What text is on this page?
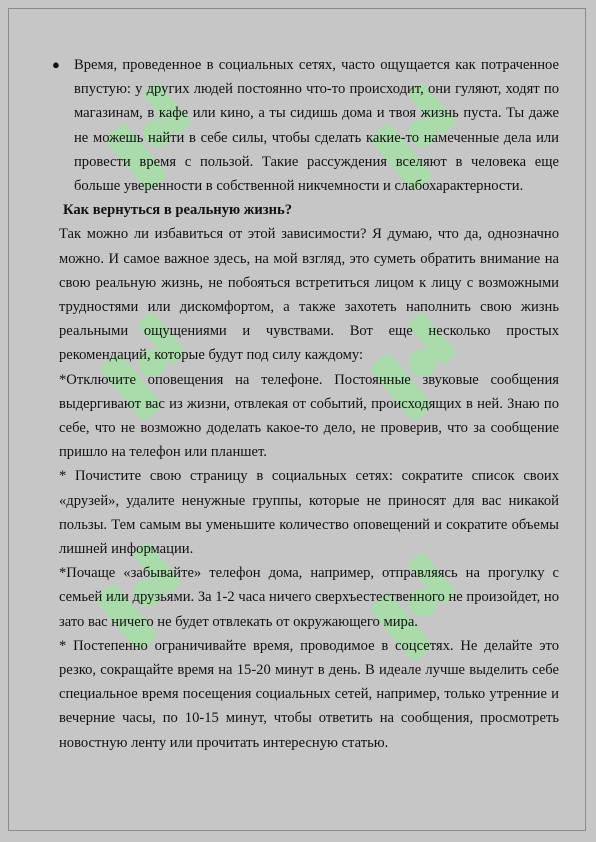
● Время, проведенное в социальных сетях, часто ощущается как потраченное впустую: у других людей постоянно что-то происходит, они гуляют, ходят по магазинам, в кафе или кино, а ты сидишь дома и твоя жизнь пуста. Ты даже не можешь найти в себе силы, чтобы сделать какие-то намеченные дела или провести время с пользой. Такие рассуждения вселяют в человека еще больше уверенности в собственной никчемности и слабохарактерности.

Как вернуться в реальную жизнь?

Так можно ли избавиться от этой зависимости? Я думаю, что да, однозначно можно. И самое важное здесь, на мой взгляд, это суметь обратить внимание на свою реальную жизнь, не побояться встретиться лицом к лицу с возможными трудностями или дискомфортом, а также захотеть наполнить свою жизнь реальными ощущениями и чувствами. Вот еще несколько простых рекомендаций, которые будут под силу каждому:

*Отключите оповещения на телефоне. Постоянные звуковые сообщения выдергивают вас из жизни, отвлекая от событий, происходящих в ней. Знаю по себе, что не возможно доделать какое-то дело, не проверив, что за сообщение пришло на телефон или планшет.

* Почистите свою страницу в социальных сетях: сократите список своих «друзей», удалите ненужные группы, которые не приносят для вас никакой пользы. Тем самым вы уменьшите количество оповещений и сократите объемы лишней информации.

*Почаще «забывайте» телефон дома, например, отправляясь на прогулку с семьей или друзьями. За 1-2 часа ничего сверхъестественного не произойдет, но зато вас ничего не будет отвлекать от окружающего мира.

* Постепенно ограничивайте время, проводимое в соцсетях. Не делайте это резко, сокращайте время на 15-20 минут в день. В идеале лучше выделить себе специальное время посещения социальных сетей, например, только утренние и вечерние часы, по 10-15 минут, чтобы ответить на сообщения, просмотреть новостную ленту или прочитать интересную статью.
